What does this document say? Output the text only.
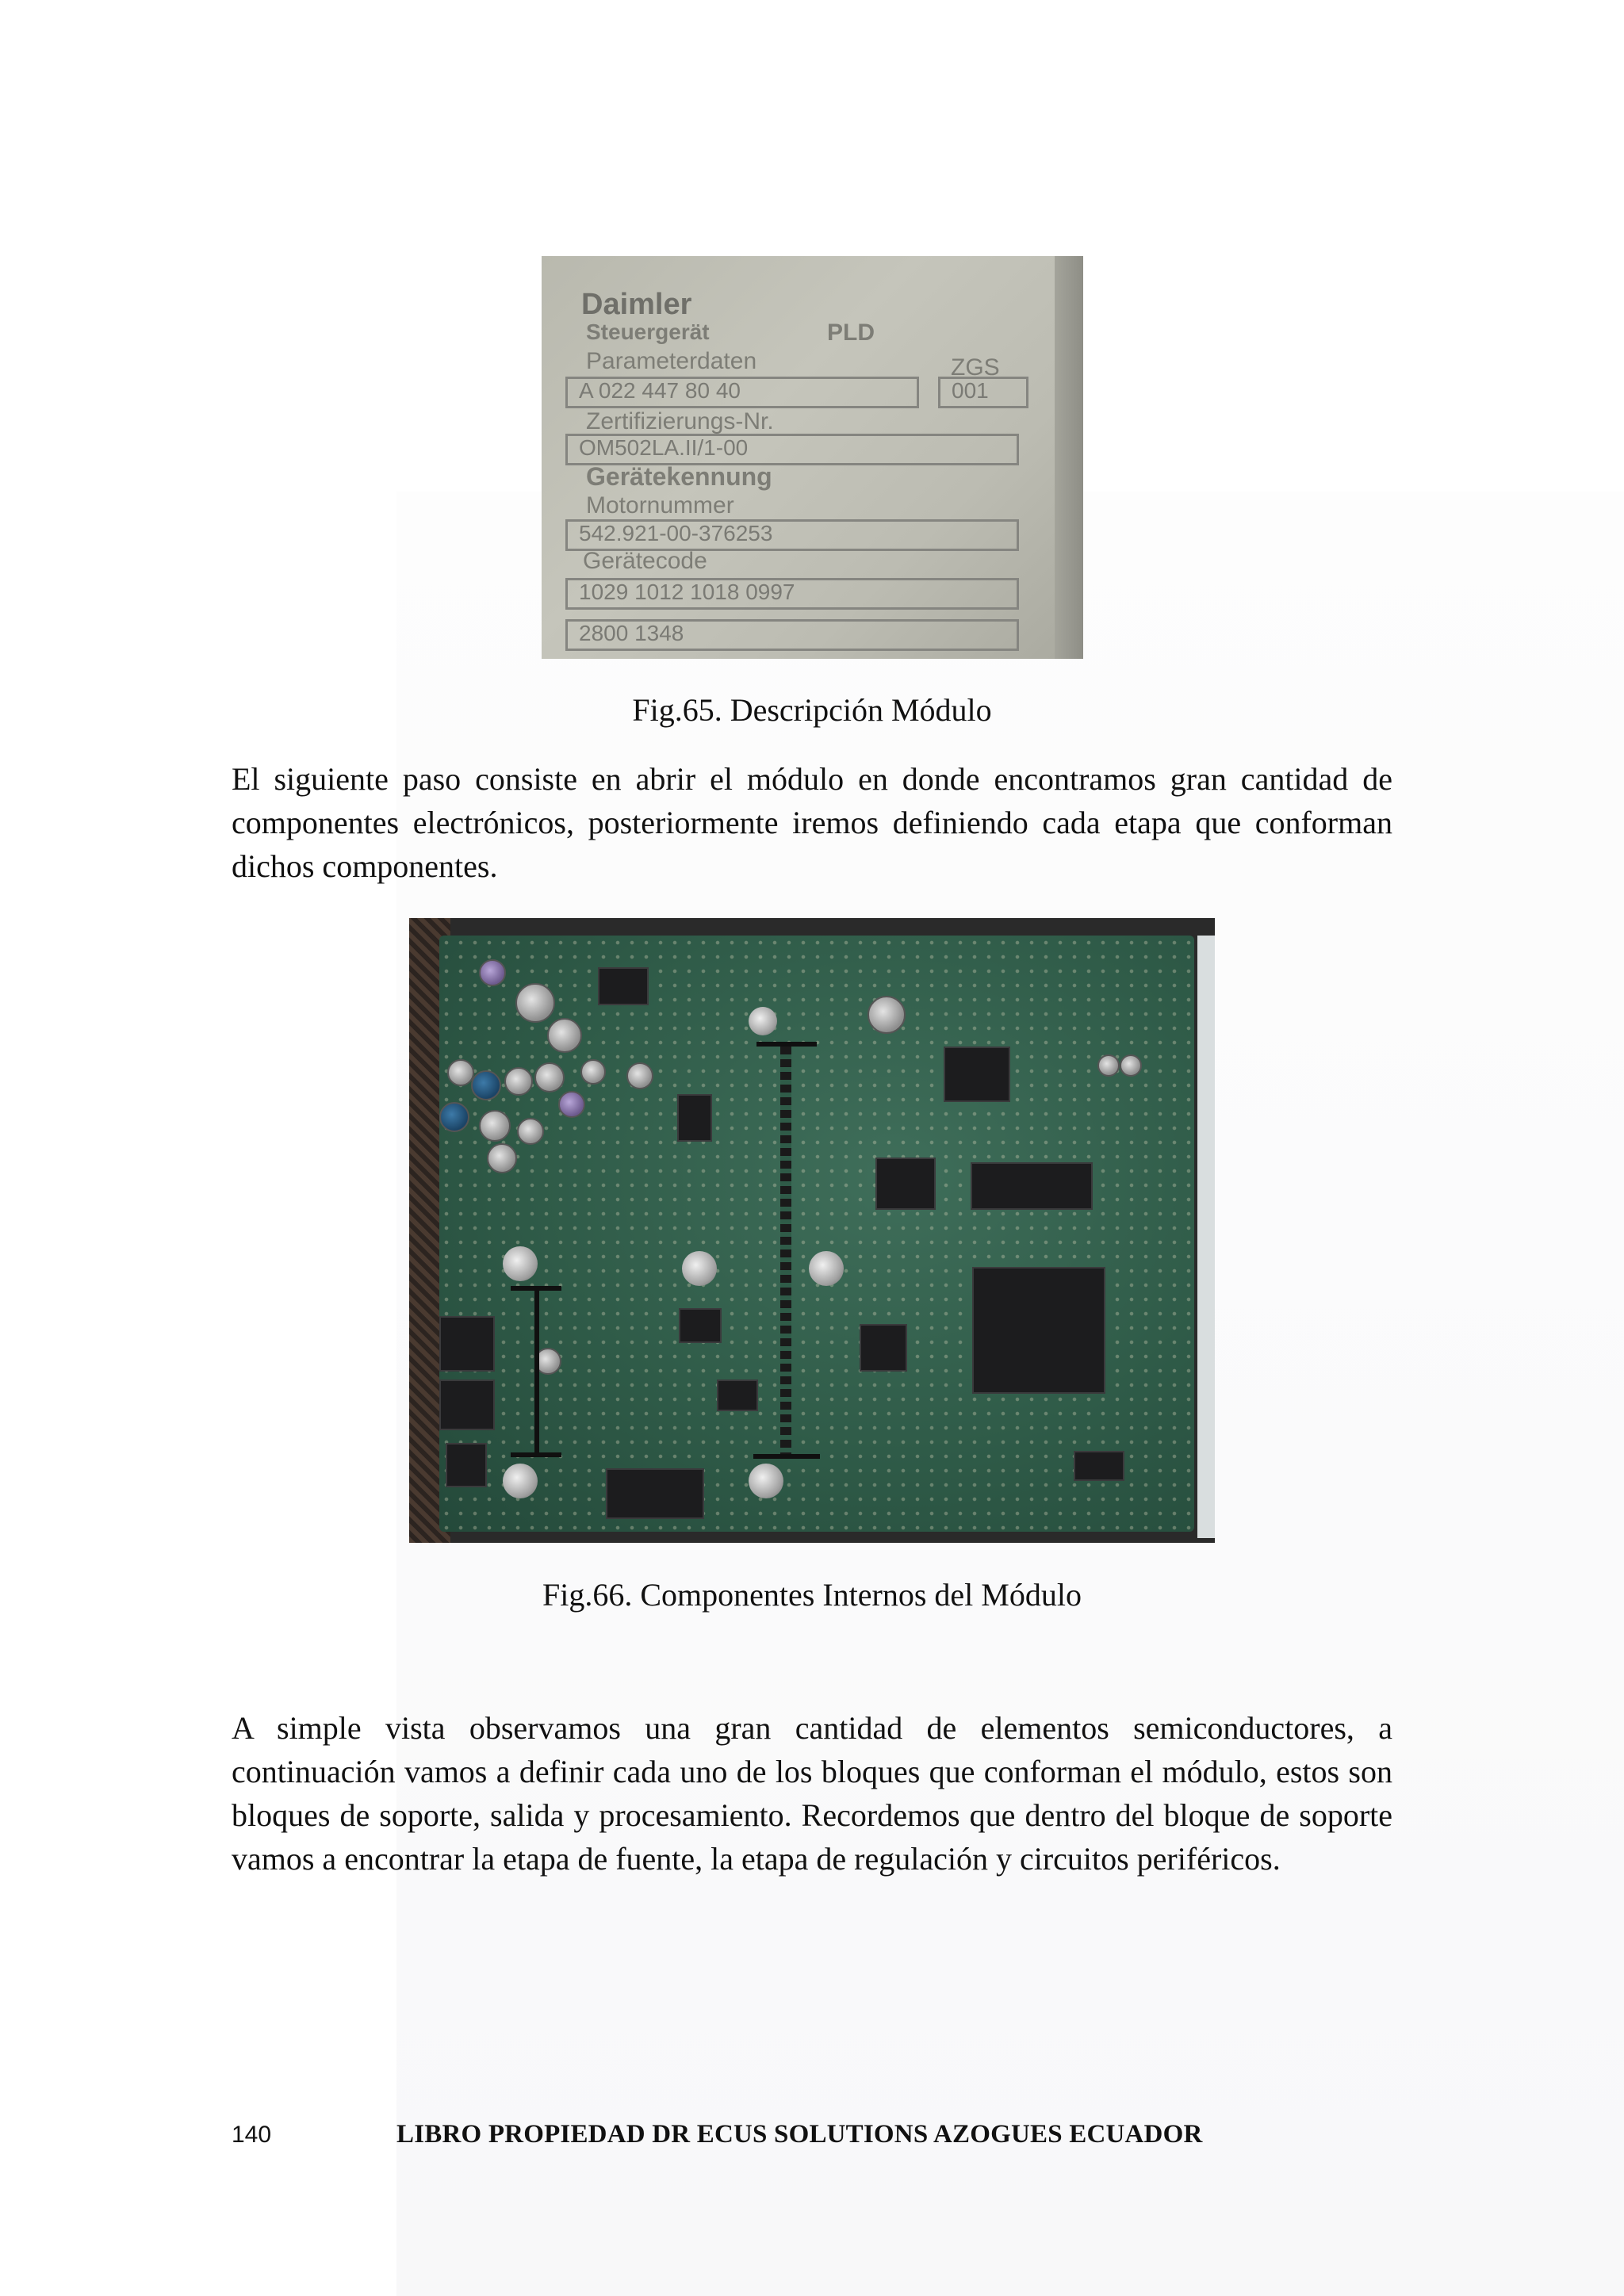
Daimler
Steuergerät	PLD
Parameterdaten	ZGS
A 022 447 80 40	001
Zertifizierungs-Nr.
OM502LA.II/1-00
Gerätekennung
Motornummer
542.921-00-376253
Gerätecode
1029 1012 1018 0997
2800 1348
Fig.65. Descripción Módulo

El siguiente paso consiste en abrir el módulo en donde encontramos gran cantidad de componentes electrónicos, posteriormente iremos definiendo cada etapa que conforman dichos componentes.

Fig.66. Componentes Internos del Módulo

A simple vista observamos una gran cantidad de elementos semiconductores, a continuación vamos a definir cada uno de los bloques que conforman el módulo, estos son bloques de soporte, salida y procesamiento. Recordemos que dentro del bloque de soporte vamos a encontrar la etapa de fuente, la etapa de regulación y circuitos periféricos.

140	LIBRO PROPIEDAD DR ECUS SOLUTIONS AZOGUES ECUADOR
